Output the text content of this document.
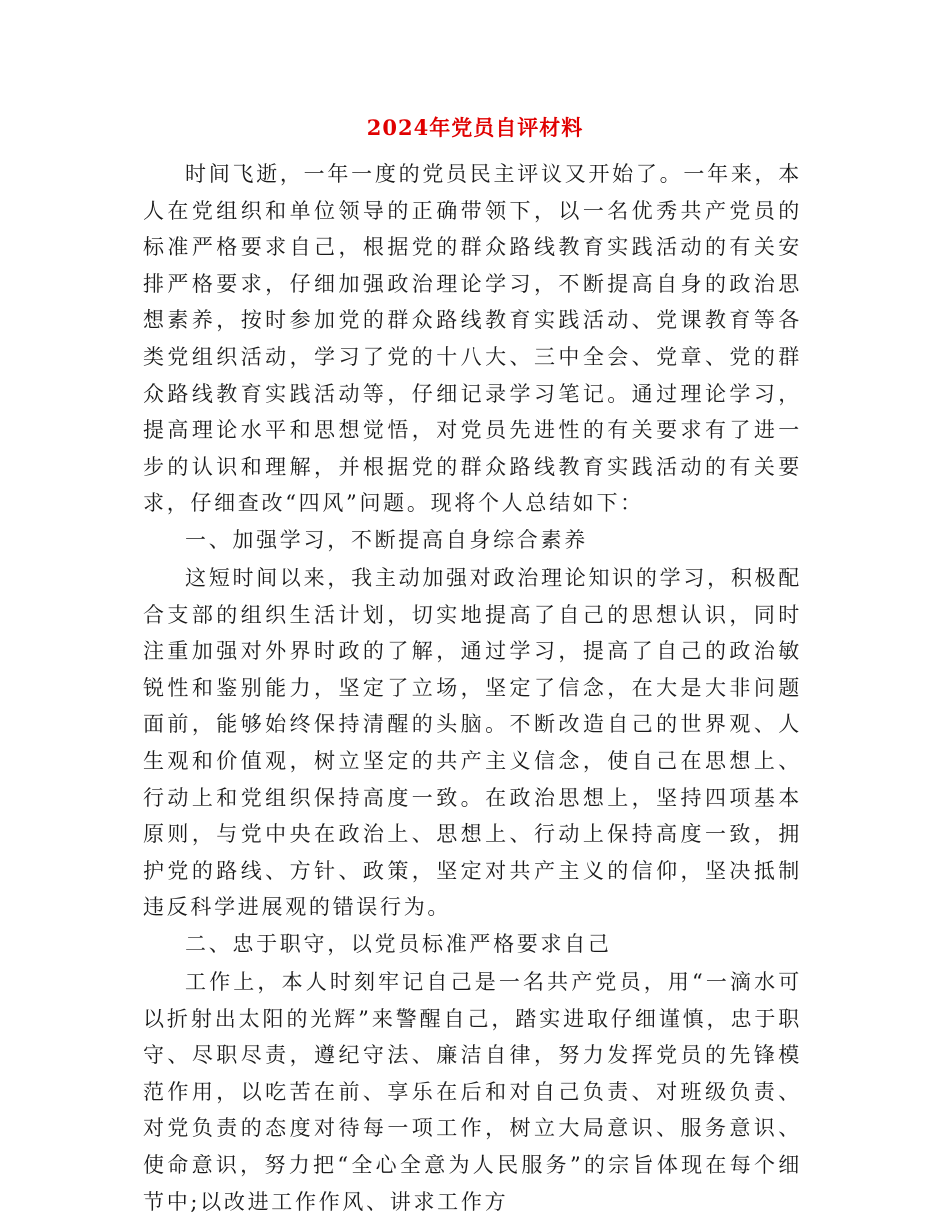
2024年党员自评材料

时间飞逝，一年一度的党员民主评议又开始了。一年来，本人在党组织和单位领导的正确带领下，以一名优秀共产党员的标准严格要求自己，根据党的群众路线教育实践活动的有关安排严格要求，仔细加强政治理论学习，不断提高自身的政治思想素养，按时参加党的群众路线教育实践活动、党课教育等各类党组织活动，学习了党的十八大、三中全会、党章、党的群众路线教育实践活动等，仔细记录学习笔记。通过理论学习，提高理论水平和思想觉悟，对党员先进性的有关要求有了进一步的认识和理解，并根据党的群众路线教育实践活动的有关要求，仔细查改“四风”问题。现将个人总结如下：

一、加强学习，不断提高自身综合素养

这短时间以来，我主动加强对政治理论知识的学习，积极配合支部的组织生活计划，切实地提高了自己的思想认识，同时注重加强对外界时政的了解，通过学习，提高了自己的政治敏锐性和鉴别能力，坚定了立场，坚定了信念，在大是大非问题面前，能够始终保持清醒的头脑。不断改造自己的世界观、人生观和价值观，树立坚定的共产主义信念，使自己在思想上、行动上和党组织保持高度一致。在政治思想上，坚持四项基本原则，与党中央在政治上、思想上、行动上保持高度一致，拥护党的路线、方针、政策，坚定对共产主义的信仰，坚决抵制违反科学进展观的错误行为。

二、忠于职守，以党员标准严格要求自己

工作上，本人时刻牢记自己是一名共产党员，用“一滴水可以折射出太阳的光辉”来警醒自己，踏实进取仔细谨慎，忠于职守、尽职尽责，遵纪守法、廉洁自律，努力发挥党员的先锋模范作用，以吃苦在前、享乐在后和对自己负责、对班级负责、对党负责的态度对待每一项工作，树立大局意识、服务意识、使命意识，努力把“全心全意为人民服务”的宗旨体现在每个细节中;以改进工作作风、讲求工作方
